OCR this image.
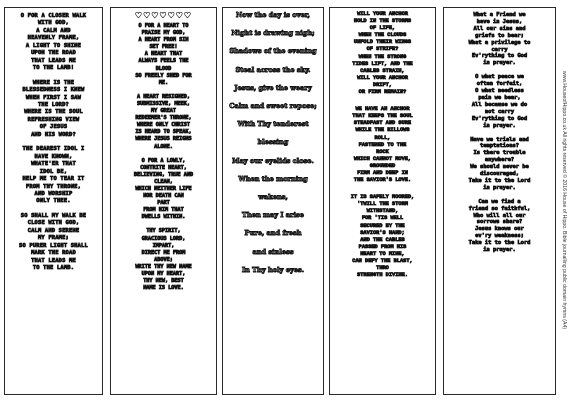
O FOR A CLOSER WALK
WITH GOD,
A CALM AND
HEAVENLY FRAME,
A LIGHT TO SHINE
UPON THE ROAD
THAT LEADS ME
TO THE LAMB!
WHERE IS THE
BLESSEDNESS I KNEW
WHEN FIRST I SAW
THE LORD?
WHERE IS THE SOUL
REFRESHING VIEW
OF JESUS
AND HIS WORD?
THE DEAREST IDOL I
HAVE KNOWN,
WHATE'ER THAT
IDOL BE,
HELP ME TO TEAR IT
FROM THY THRONE,
AND WORSHIP
ONLY THEE.
SO SHALL MY WALK BE
CLOSE WITH GOD,
CALM AND SERENE
MY FRAME;
SO PURER LIGHT SHALL
MARK THE ROAD
THAT LEADS ME
TO THE LAMB.
♥♥♥♥♥♥♥
O FOR A HEART TO
PRAISE MY GOD,
A HEART FROM SIN
SET FREE!
A HEART THAT
ALWAYS FEELS THE
BLOOD
SO FREELY SHED FOR
ME.
A HEART RESIGNED,
SUBMISSIVE, MEEK,
MY GREAT
REDEEMER'S THRONE,
WHERE ONLY CHRIST
IS HEARD TO SPEAK,
WHERE JESUS REIGNS
ALONE.
O FOR A LOWLY,
CONTRITE HEART,
BELIEVING, TRUE AND
CLEAN,
WHICH NEITHER LIFE
NOR DEATH CAN
PART
FROM HIM THAT
DWELLS WITHIN.
THY SPIRIT,
GRACIOUS LORD,
IMPART,
DIRECT ME FROM
ABOVE;
WRITE THY NEW NAME
UPON MY HEART,
THY NEW, BEST
NAME IS LOVE.
Now the day is over,
Night is drawing nigh;
Shadows of the evening
Steal across the sky.
Jesus, give the weary
Calm and sweet repose;
With Thy tenderest
blessing
May our eyelids close.
When the morning
wakens,
Then may I arise
Pure, and fresh
and sinless
In Thy holy eyes.
WILL YOUR ANCHOR
HOLD IN THE STORMS
OF LIFE,
WHEN THE CLOUDS
UNFOLD THEIR WINGS
OF STRIFE?
WHEN THE STRONG
TIDES LIFT, AND THE
CABLES STRAIN,
WILL YOUR ANCHOR
DRIFT,
OR FIRM REMAIN?
WE HAVE AN ANCHOR
THAT KEEPS THE SOUL
STEADFAST AND SURE
WHILE THE BILLOWS
ROLL,
FASTENED TO THE
ROCK
WHICH CANNOT MOVE,
GROUNDED
FIRM AND DEEP IN
THE SAVIOR'S LOVE.
IT IS SAFELY MOORED,
'TWILL THE STORM
WITHSTAND,
FOR 'TIS WELL
SECURED BY THE
SAVIOR'S HAND;
AND THE CABLES
PASSED FROM HIS
HEART TO MINE,
CAN DEFY THE BLAST,
THRO
STRENGTH DIVINE.
What a Friend we
have in Jesus,
All our sins and
griefs to bear;
What a privilege to
carry
Ev'rything to God
in prayer.
O what peace we
often forfeit,
O what needless
pain we bear,
All because we do
not carry
Ev'rything to God
in prayer.
Have we trials and
temptations?
Is there trouble
anywhere?
We should never be
discouraged,
Take it to the Lord
in prayer.
Can we find a
friend so faithful,
Who will all our
sorrows share?
Jesus knows our
ev'ry weakness;
Take it to the Lord
in prayer.	www.HouseofHippo.co.uk All rights reserved © 2016 House of Hippo. Bible journalling public domain hymns (A4)
